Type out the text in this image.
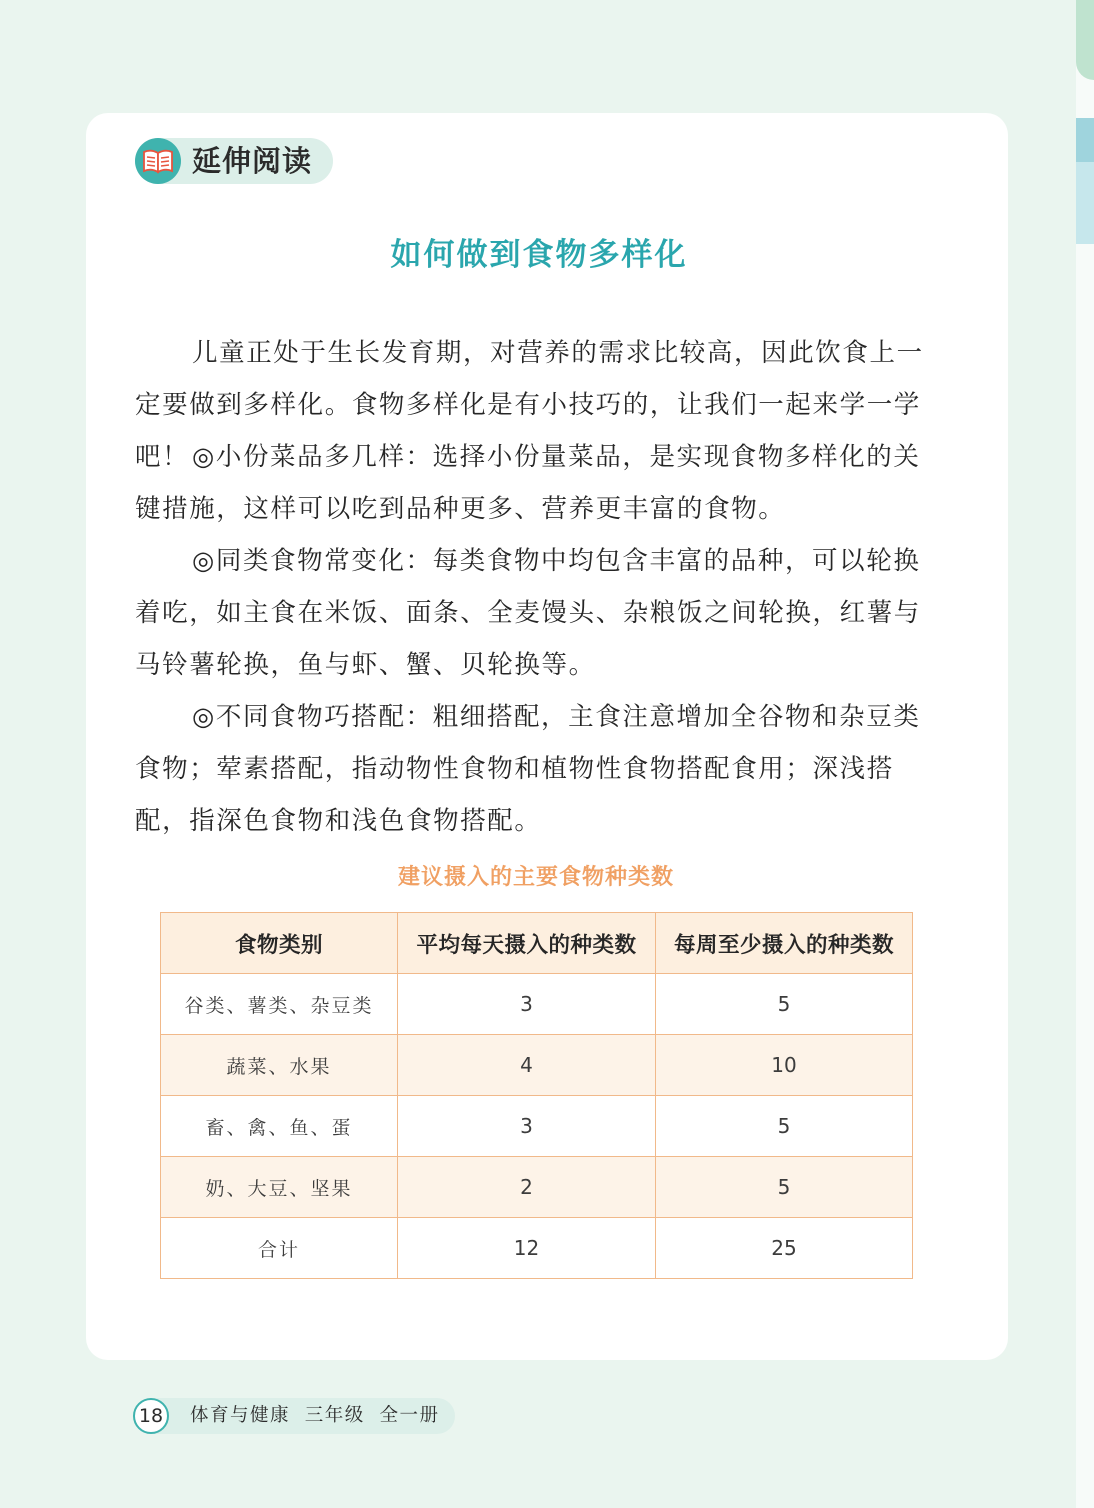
延伸阅读
如何做到食物多样化

儿童正处于生长发育期，对营养的需求比较高，因此饮食上一定要做到多样化。食物多样化是有小技巧的，让我们一起来学一学吧！ ◎小份菜品多几样：选择小份量菜品，是实现食物多样化的关键措施，这样可以吃到品种更多、营养更丰富的食物。

◎同类食物常变化：每类食物中均包含丰富的品种，可以轮换着吃，如主食在米饭、面条、全麦馒头、杂粮饭之间轮换，红薯与马铃薯轮换，鱼与虾、蟹、贝轮换等。

◎不同食物巧搭配：粗细搭配，主食注意增加全谷物和杂豆类食物；荤素搭配，指动物性食物和植物性食物搭配食用；深浅搭配，指深色食物和浅色食物搭配。

建议摄入的主要食物种类数
食物类别	平均每天摄入的种类数	每周至少摄入的种类数
谷类、薯类、杂豆类	3	5
蔬菜、水果	4	10
畜、禽、鱼、蛋	3	5
奶、大豆、坚果	2	5
合计	12	25
18	体育与健康  三年级  全一册
